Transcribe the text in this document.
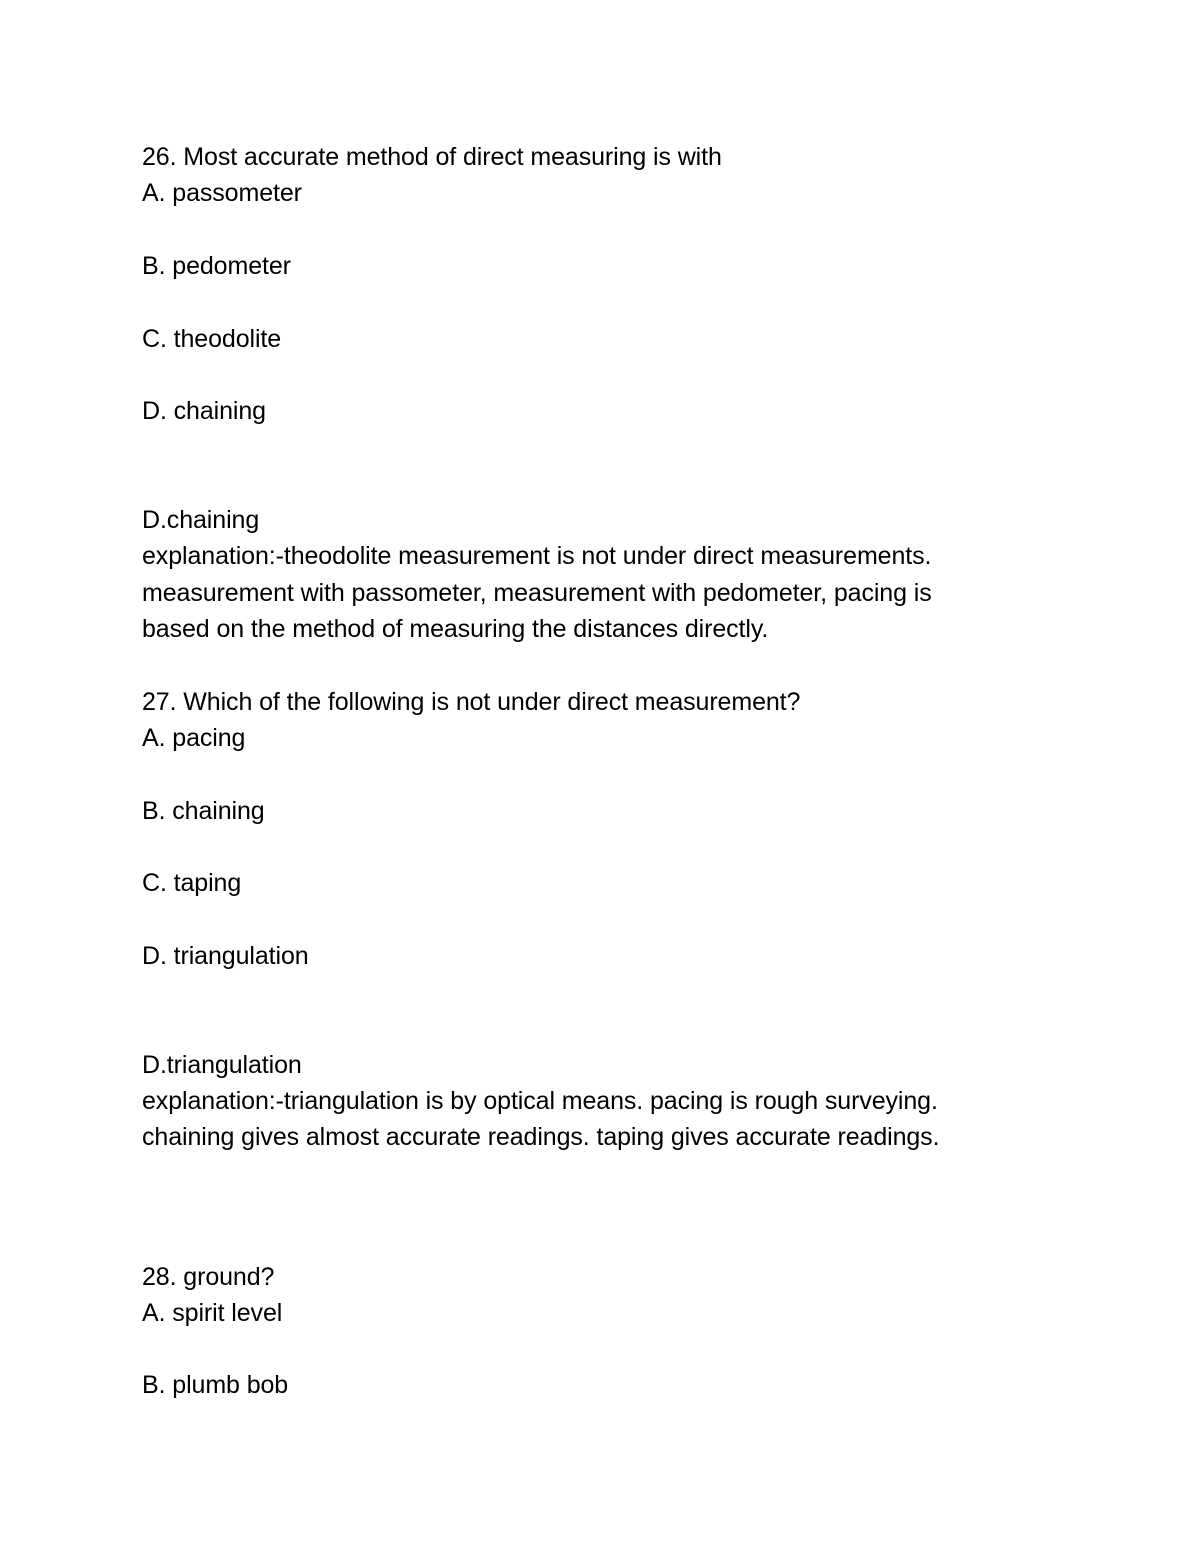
26. Most accurate method of direct measuring is with
A. passometer
B. pedometer
C. theodolite
D. chaining
D.chaining
explanation:-theodolite measurement is not under direct measurements.
measurement with passometer, measurement with pedometer, pacing is
based on the method of measuring the distances directly.
27. Which of the following is not under direct measurement?
A. pacing
B. chaining
C. taping
D. triangulation
D.triangulation
explanation:-triangulation is by optical means. pacing is rough surveying.
chaining gives almost accurate readings. taping gives accurate readings.
28. ground?
A. spirit level
B. plumb bob
